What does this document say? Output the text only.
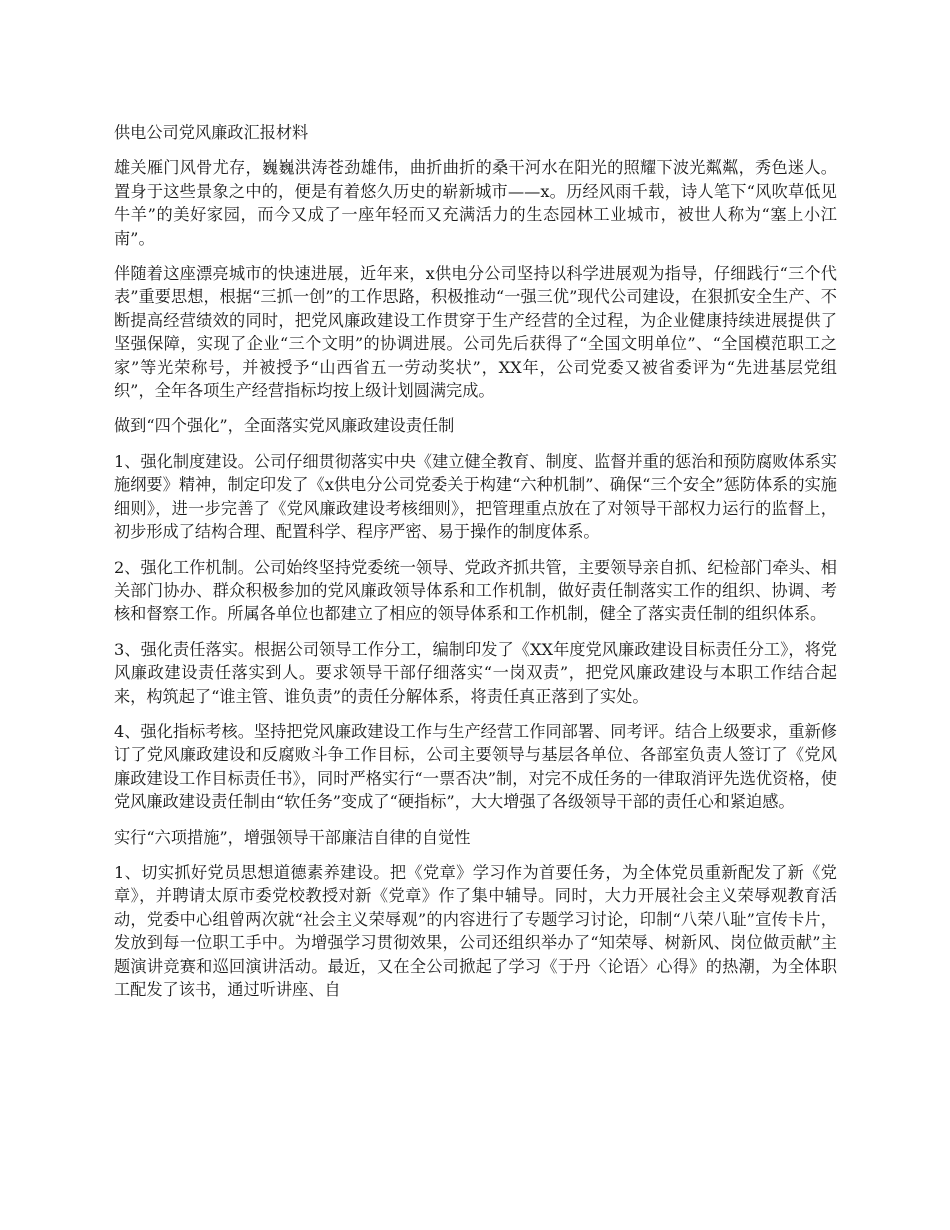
供电公司党风廉政汇报材料
雄关雁门风骨尤存，巍巍洪涛苍劲雄伟，曲折曲折的桑干河水在阳光的照耀下波光粼粼，秀色迷人。置身于这些景象之中的，便是有着悠久历史的崭新城市——x。历经风雨千载，诗人笔下“风吹草低见牛羊”的美好家园，而今又成了一座年轻而又充满活力的生态园林工业城市，被世人称为“塞上小江南”。
伴随着这座漂亮城市的快速进展，近年来，x供电分公司坚持以科学进展观为指导，仔细践行“三个代表”重要思想，根据“三抓一创”的工作思路，积极推动“一强三优”现代公司建设，在狠抓安全生产、不断提高经营绩效的同时，把党风廉政建设工作贯穿于生产经营的全过程，为企业健康持续进展提供了坚强保障，实现了企业“三个文明”的协调进展。公司先后获得了“全国文明单位”、“全国模范职工之家”等光荣称号，并被授予“山西省五一劳动奖状”，XX年，公司党委又被省委评为“先进基层党组织”，全年各项生产经营指标均按上级计划圆满完成。
做到“四个强化”，全面落实党风廉政建设责任制
1、强化制度建设。公司仔细贯彻落实中央《建立健全教育、制度、监督并重的惩治和预防腐败体系实施纲要》精神，制定印发了《x供电分公司党委关于构建“六种机制”、确保“三个安全”惩防体系的实施细则》，进一步完善了《党风廉政建设考核细则》，把管理重点放在了对领导干部权力运行的监督上，初步形成了结构合理、配置科学、程序严密、易于操作的制度体系。
2、强化工作机制。公司始终坚持党委统一领导、党政齐抓共管，主要领导亲自抓、纪检部门牵头、相关部门协办、群众积极参加的党风廉政领导体系和工作机制，做好责任制落实工作的组织、协调、考核和督察工作。所属各单位也都建立了相应的领导体系和工作机制，健全了落实责任制的组织体系。
3、强化责任落实。根据公司领导工作分工，编制印发了《XX年度党风廉政建设目标责任分工》，将党风廉政建设责任落实到人。要求领导干部仔细落实“一岗双责”，把党风廉政建设与本职工作结合起来，构筑起了“谁主管、谁负责”的责任分解体系，将责任真正落到了实处。
4、强化指标考核。坚持把党风廉政建设工作与生产经营工作同部署、同考评。结合上级要求，重新修订了党风廉政建设和反腐败斗争工作目标，公司主要领导与基层各单位、各部室负责人签订了《党风廉政建设工作目标责任书》，同时严格实行“一票否决”制，对完不成任务的一律取消评先选优资格，使党风廉政建设责任制由“软任务”变成了“硬指标”，大大增强了各级领导干部的责任心和紧迫感。
实行“六项措施”，增强领导干部廉洁自律的自觉性
1、切实抓好党员思想道德素养建设。把《党章》学习作为首要任务，为全体党员重新配发了新《党章》，并聘请太原市委党校教授对新《党章》作了集中辅导。同时，大力开展社会主义荣辱观教育活动，党委中心组曾两次就“社会主义荣辱观”的内容进行了专题学习讨论，印制“八荣八耻”宣传卡片，发放到每一位职工手中。为增强学习贯彻效果，公司还组织举办了“知荣辱、树新风、岗位做贡献”主题演讲竞赛和巡回演讲活动。最近，又在全公司掀起了学习《于丹〈论语〉心得》的热潮，为全体职工配发了该书，通过听讲座、自
